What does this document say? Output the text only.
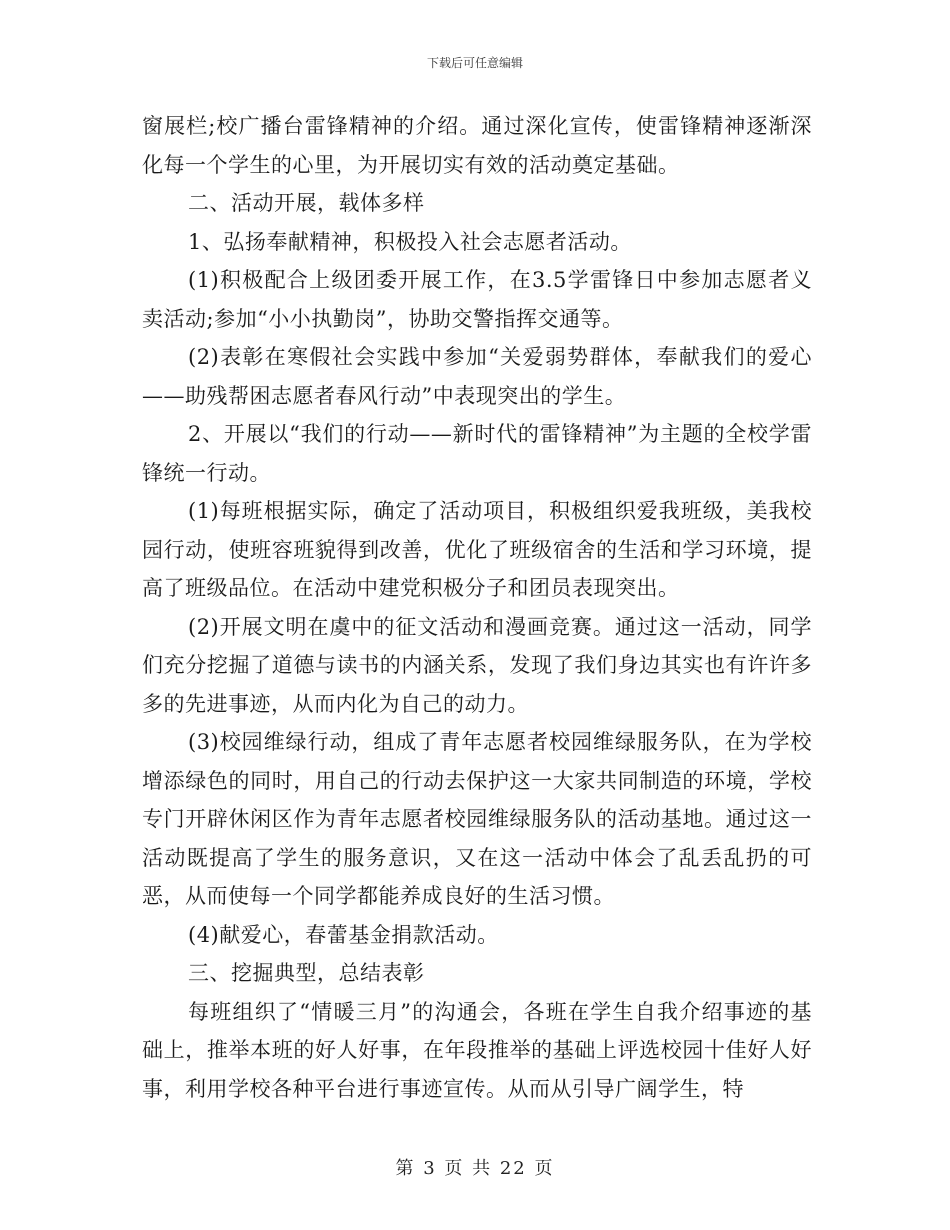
下载后可任意编辑

窗展栏;校广播台雷锋精神的介绍。通过深化宣传，使雷锋精神逐渐深化每一个学生的心里，为开展切实有效的活动奠定基础。

二、活动开展，载体多样

1、弘扬奉献精神，积极投入社会志愿者活动。

(1)积极配合上级团委开展工作，在3.5学雷锋日中参加志愿者义卖活动;参加“小小执勤岗”，协助交警指挥交通等。

(2)表彰在寒假社会实践中参加“关爱弱势群体，奉献我们的爱心——助残帮困志愿者春风行动”中表现突出的学生。

2、开展以“我们的行动——新时代的雷锋精神”为主题的全校学雷锋统一行动。

(1)每班根据实际，确定了活动项目，积极组织爱我班级，美我校园行动，使班容班貌得到改善，优化了班级宿舍的生活和学习环境，提高了班级品位。在活动中建党积极分子和团员表现突出。

(2)开展文明在虞中的征文活动和漫画竞赛。通过这一活动，同学们充分挖掘了道德与读书的内涵关系，发现了我们身边其实也有许许多多的先进事迹，从而内化为自己的动力。

(3)校园维绿行动，组成了青年志愿者校园维绿服务队，在为学校增添绿色的同时，用自己的行动去保护这一大家共同制造的环境，学校专门开辟休闲区作为青年志愿者校园维绿服务队的活动基地。通过这一活动既提高了学生的服务意识，又在这一活动中体会了乱丢乱扔的可恶，从而使每一个同学都能养成良好的生活习惯。

(4)献爱心，春蕾基金捐款活动。

三、挖掘典型，总结表彰

每班组织了“情暖三月”的沟通会，各班在学生自我介绍事迹的基础上，推举本班的好人好事，在年段推举的基础上评选校园十佳好人好事，利用学校各种平台进行事迹宣传。从而从引导广阔学生，特

第 3 页 共 22 页
